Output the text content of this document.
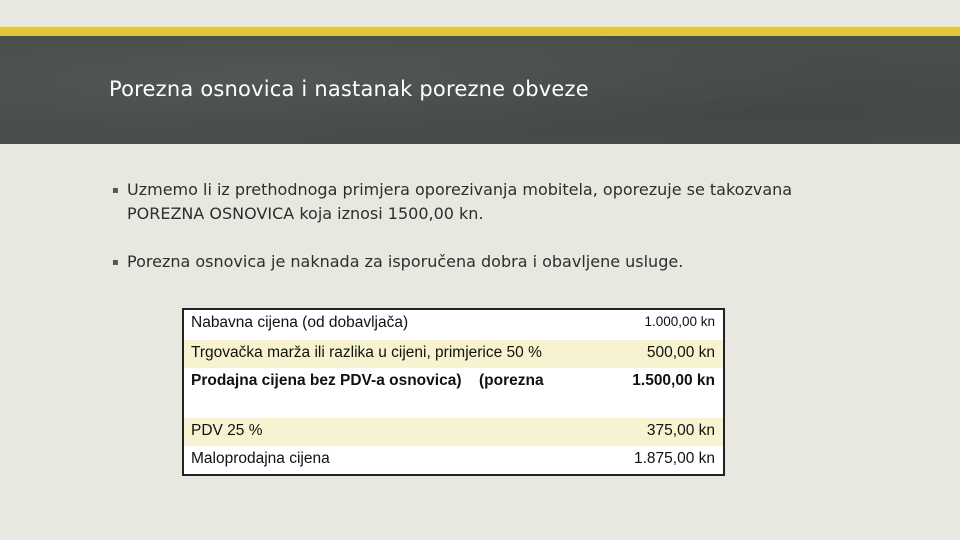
Porezna osnovica i nastanak porezne obveze
▪ Uzmemo li iz prethodnoga primjera oporezivanja mobitela, oporezuje se takozvana POREZNA OSNOVICA koja iznosi 1500,00 kn.
▪ Porezna osnovica je naknada za isporučena dobra i obavljene usluge.
Nabavna cijena (od dobavljača)	1.000,00 kn
Trgovačka marža ili razlika u cijeni, primjerice 50 %	500,00 kn

Prodajna cijena bez PDV-a osnovica) (porezna	1.500,00 kn
PDV 25 %	375,00 kn
Maloprodajna cijena	1.875,00 kn
